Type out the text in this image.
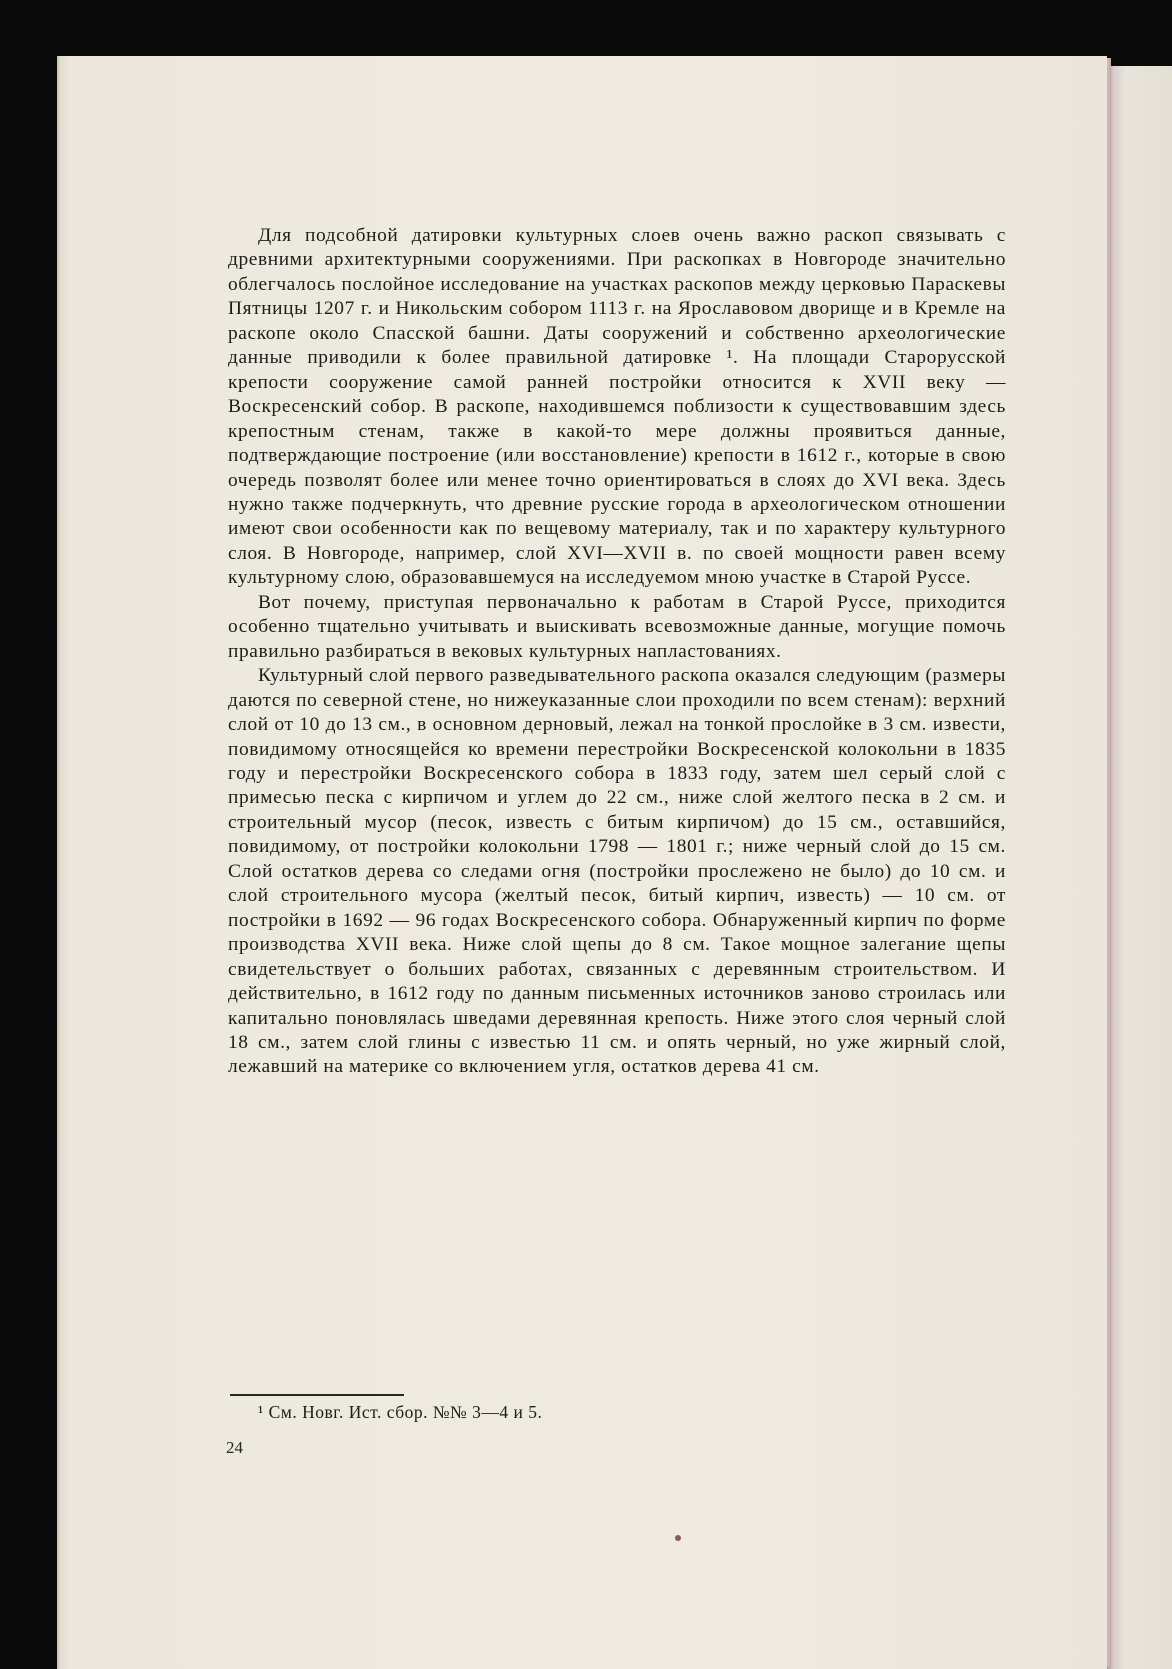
Для подсобной датировки культурных слоев очень важно раскоп связывать с древними архитектурными сооружениями. При раскопках в Новгороде значительно облегчалось послойное исследование на участках раскопов между церковью Параскевы Пятницы 1207 г. и Никольским собором 1113 г. на Ярославовом дворище и в Кремле на раскопе около Спасской башни. Даты сооружений и собственно археологические данные приводили к более правильной датировке ¹. На площади Старорусской крепости сооружение самой ранней постройки относится к XVII веку — Воскресенский собор. В раскопе, находившемся поблизости к существовавшим здесь крепостным стенам, также в какой-то мере должны проявиться данные, подтверждающие построение (или восстановление) крепости в 1612 г., которые в свою очередь позволят более или менее точно ориентироваться в слоях до XVI века. Здесь нужно также подчеркнуть, что древние русские города в археологическом отношении имеют свои особенности как по вещевому материалу, так и по характеру культурного слоя. В Новгороде, например, слой XVI—XVII в. по своей мощности равен всему культурному слою, образовавшемуся на исследуемом мною участке в Старой Руссе.

Вот почему, приступая первоначально к работам в Старой Руссе, приходится особенно тщательно учитывать и выискивать всевозможные данные, могущие помочь правильно разбираться в вековых культурных напластованиях.

Культурный слой первого разведывательного раскопа оказался следующим (размеры даются по северной стене, но нижеуказанные слои проходили по всем стенам): верхний слой от 10 до 13 см., в основном дерновый, лежал на тонкой прослойке в 3 см. извести, повидимому относящейся ко времени перестройки Воскресенской колокольни в 1835 году и перестройки Воскресенского собора в 1833 году, затем шел серый слой с примесью песка с кирпичом и углем до 22 см., ниже слой желтого песка в 2 см. и строительный мусор (песок, известь с битым кирпичом) до 15 см., оставшийся, повидимому, от постройки колокольни 1798 — 1801 г.; ниже черный слой до 15 см. Слой остатков дерева со следами огня (постройки прослежено не было) до 10 см. и слой строительного мусора (желтый песок, битый кирпич, известь) — 10 см. от постройки в 1692 — 96 годах Воскресенского собора. Обнаруженный кирпич по форме производства XVII века. Ниже слой щепы до 8 см. Такое мощное залегание щепы свидетельствует о больших работах, связанных с деревянным строительством. И действительно, в 1612 году по данным письменных источников заново строилась или капитально поновлялась шведами деревянная крепость. Ниже этого слоя черный слой 18 см., затем слой глины с известью 11 см. и опять черный, но уже жирный слой, лежавший на материке со включением угля, остатков дерева 41 см.

¹ См. Новг. Ист. сбор. №№ 3—4 и 5.
24
